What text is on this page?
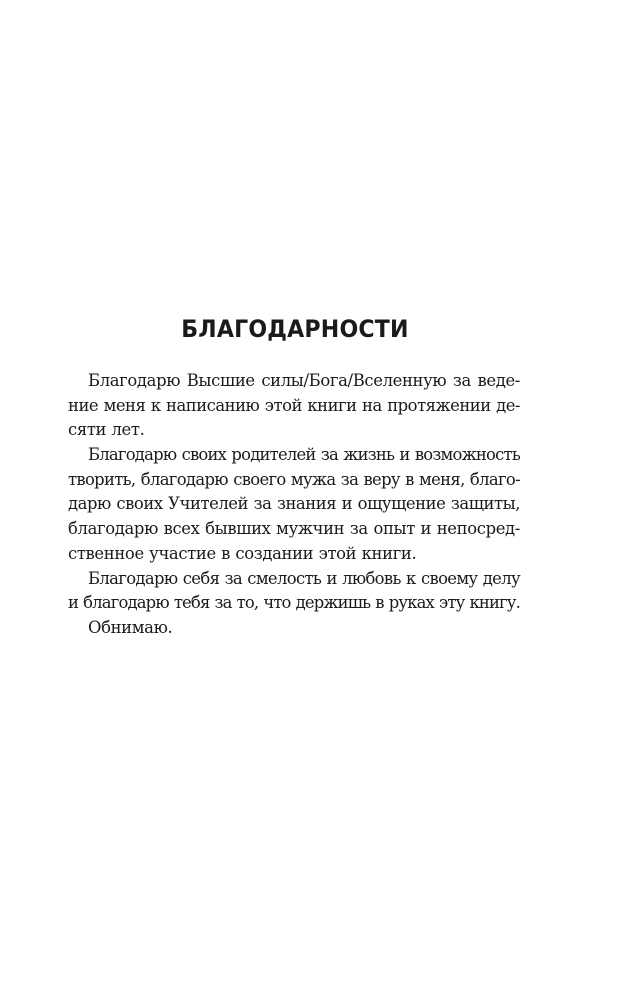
БЛАГОДАРНОСТИ
Благодарю Высшие силы/Бога/Вселенную за веде-
ние меня к написанию этой книги на протяжении де-
сяти лет.
Благодарю своих родителей за жизнь и возможность
творить, благодарю своего мужа за веру в меня, благо-
дарю своих Учителей за знания и ощущение защиты,
благодарю всех бывших мужчин за опыт и непосред-
ственное участие в создании этой книги.
Благодарю себя за смелость и любовь к своему делу
и благодарю тебя за то, что держишь в руках эту книгу.
Обнимаю.
